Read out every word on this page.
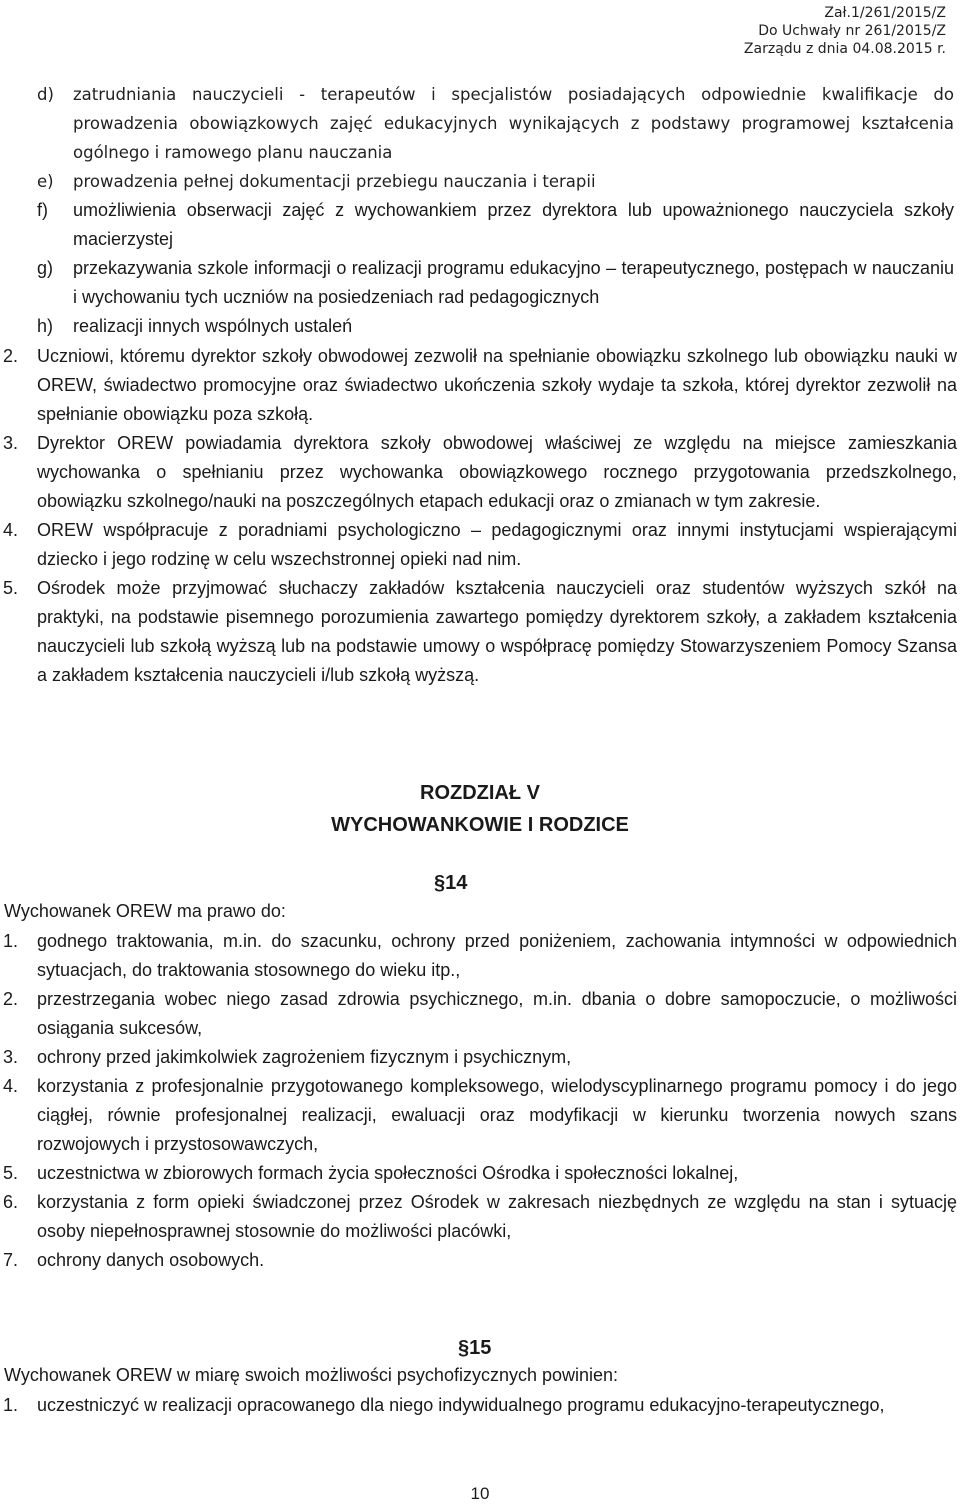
Zał.1/261/2015/Z
Do Uchwały nr 261/2015/Z
Zarządu z dnia 04.08.2015 r.
d) zatrudniania nauczycieli - terapeutów i specjalistów posiadających odpowiednie kwalifikacje do prowadzenia obowiązkowych zajęć edukacyjnych wynikających z podstawy programowej kształcenia ogólnego i ramowego planu nauczania
e) prowadzenia pełnej dokumentacji przebiegu nauczania i terapii
f) umożliwienia obserwacji zajęć z wychowankiem przez dyrektora lub upoważnionego nauczyciela szkoły macierzystej
g) przekazywania szkole informacji o realizacji programu edukacyjno – terapeutycznego, postępach w nauczaniu i wychowaniu tych uczniów na posiedzeniach rad pedagogicznych
h) realizacji innych wspólnych ustaleń
2. Uczniowi, któremu dyrektor szkoły obwodowej zezwolił na spełnianie obowiązku szkolnego lub obowiązku nauki w OREW, świadectwo promocyjne oraz świadectwo ukończenia szkoły wydaje ta szkoła, której dyrektor zezwolił na spełnianie obowiązku poza szkołą.
3. Dyrektor OREW powiadamia dyrektora szkoły obwodowej właściwej ze względu na miejsce zamieszkania wychowanka o spełnianiu przez wychowanka obowiązkowego rocznego przygotowania przedszkolnego, obowiązku szkolnego/nauki na poszczególnych etapach edukacji oraz o zmianach w tym zakresie.
4. OREW współpracuje z poradniami psychologiczno – pedagogicznymi oraz innymi instytucjami wspierającymi dziecko i jego rodzinę w celu wszechstronnej opieki nad nim.
5. Ośrodek może przyjmować słuchaczy zakładów kształcenia nauczycieli oraz studentów wyższych szkół na praktyki, na podstawie pisemnego porozumienia zawartego pomiędzy dyrektorem szkoły, a zakładem kształcenia nauczycieli lub szkołą wyższą lub na podstawie umowy o współpracę pomiędzy Stowarzyszeniem Pomocy Szansa a zakładem kształcenia nauczycieli i/lub szkołą wyższą.
ROZDZIAŁ V
WYCHOWANKOWIE I RODZICE
§14
Wychowanek OREW ma prawo do:
1. godnego traktowania, m.in. do szacunku, ochrony przed poniżeniem, zachowania intymności w odpowiednich sytuacjach, do traktowania stosownego do wieku itp.,
2. przestrzegania wobec niego zasad zdrowia psychicznego, m.in. dbania o dobre samopoczucie, o możliwości osiągania sukcesów,
3. ochrony przed jakimkolwiek zagrożeniem fizycznym i psychicznym,
4. korzystania z profesjonalnie przygotowanego kompleksowego, wielodyscyplinarnego programu pomocy i do jego ciągłej, równie profesjonalnej realizacji, ewaluacji oraz modyfikacji w kierunku tworzenia nowych szans rozwojowych i przystosowawczych,
5. uczestnictwa w zbiorowych formach życia społeczności Ośrodka i społeczności lokalnej,
6. korzystania z form opieki świadczonej przez Ośrodek w zakresach niezbędnych ze względu na stan i sytuację osoby niepełnosprawnej stosownie do możliwości placówki,
7. ochrony danych osobowych.
§15
Wychowanek OREW w miarę swoich możliwości psychofizycznych powinien:
1. uczestniczyć w realizacji opracowanego dla niego indywidualnego programu edukacyjno-terapeutycznego,
10
